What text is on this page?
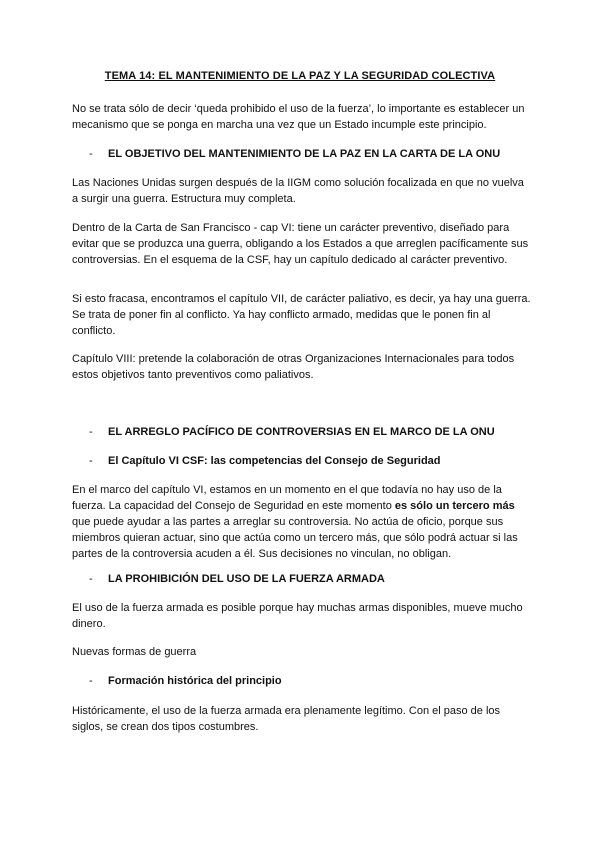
TEMA 14: EL MANTENIMIENTO DE LA PAZ Y LA SEGURIDAD COLECTIVA

No se trata sólo de decir ‘queda prohibido el uso de la fuerza’, lo importante es establecer un mecanismo que se ponga en marcha una vez que un Estado incumple este principio.

- EL OBJETIVO DEL MANTENIMIENTO DE LA PAZ EN LA CARTA DE LA ONU

Las Naciones Unidas surgen después de la IIGM como solución focalizada en que no vuelva a surgir una guerra. Estructura muy completa.

Dentro de la Carta de San Francisco - cap VI: tiene un carácter preventivo, diseñado para evitar que se produzca una guerra, obligando a los Estados a que arreglen pacíficamente sus controversias. En el esquema de la CSF, hay un capítulo dedicado al carácter preventivo.

Si esto fracasa, encontramos el capítulo VII, de carácter paliativo, es decir, ya hay una guerra. Se trata de poner fin al conflicto. Ya hay conflicto armado, medidas que le ponen fin al conflicto.

Capítulo VIII: pretende la colaboración de otras Organizaciones Internacionales para todos estos objetivos tanto preventivos como paliativos.

- EL ARREGLO PACÍFICO DE CONTROVERSIAS EN EL MARCO DE LA ONU
- El Capítulo VI CSF: las competencias del Consejo de Seguridad

En el marco del capítulo VI, estamos en un momento en el que todavía no hay uso de la fuerza. La capacidad del Consejo de Seguridad en este momento es sólo un tercero más que puede ayudar a las partes a arreglar su controversia. No actúa de oficio, porque sus miembros quieran actuar, sino que actúa como un tercero más, que sólo podrá actuar si las partes de la controversia acuden a él. Sus decisiones no vinculan, no obligan.

- LA PROHIBICIÓN DEL USO DE LA FUERZA ARMADA

El uso de la fuerza armada es posible porque hay muchas armas disponibles, mueve mucho dinero.

Nuevas formas de guerra

- Formación histórica del principio

Históricamente, el uso de la fuerza armada era plenamente legítimo. Con el paso de los siglos, se crean dos tipos costumbres.
